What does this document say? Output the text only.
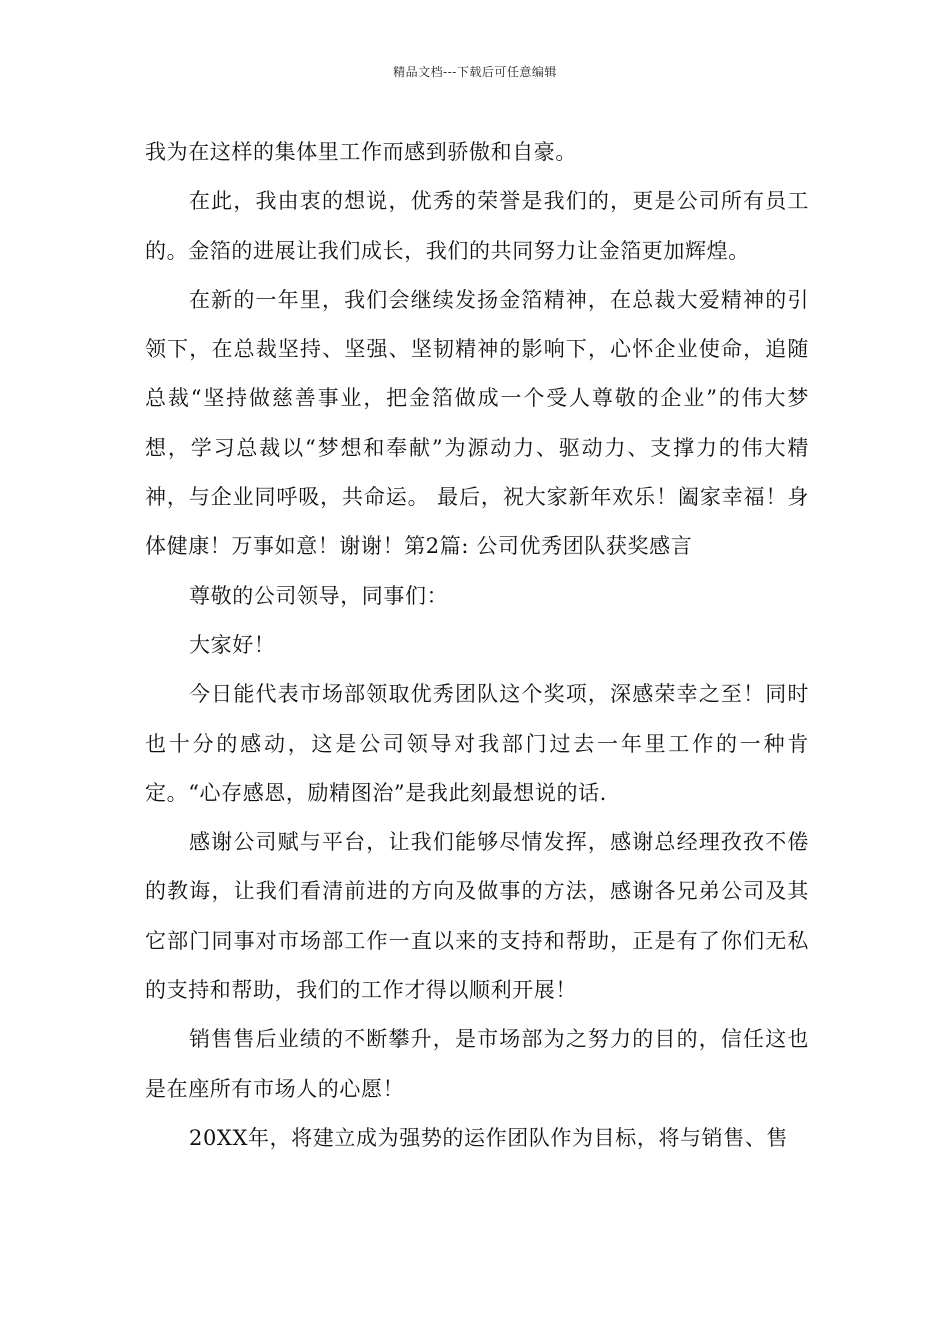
精品文档---下载后可任意编辑

我为在这样的集体里工作而感到骄傲和自豪。

在此，我由衷的想说，优秀的荣誉是我们的，更是公司所有员工的。金箔的进展让我们成长，我们的共同努力让金箔更加辉煌。

在新的一年里，我们会继续发扬金箔精神，在总裁大爱精神的引领下，在总裁坚持、坚强、坚韧精神的影响下，心怀企业使命，追随总裁“坚持做慈善事业，把金箔做成一个受人尊敬的企业”的伟大梦想，学习总裁以“梦想和奉献”为源动力、驱动力、支撑力的伟大精神，与企业同呼吸，共命运。 最后，祝大家新年欢乐！阖家幸福！身体健康！万事如意！谢谢！第2篇: 公司优秀团队获奖感言

尊敬的公司领导，同事们：

大家好！

今日能代表市场部领取优秀团队这个奖项，深感荣幸之至！同时也十分的感动，这是公司领导对我部门过去一年里工作的一种肯定。“心存感恩，励精图治”是我此刻最想说的话.

感谢公司赋与平台，让我们能够尽情发挥，感谢总经理孜孜不倦的教诲，让我们看清前进的方向及做事的方法，感谢各兄弟公司及其它部门同事对市场部工作一直以来的支持和帮助，正是有了你们无私的支持和帮助，我们的工作才得以顺利开展！

销售售后业绩的不断攀升，是市场部为之努力的目的，信任这也是在座所有市场人的心愿！

20XX年，将建立成为强势的运作团队作为目标，将与销售、售
